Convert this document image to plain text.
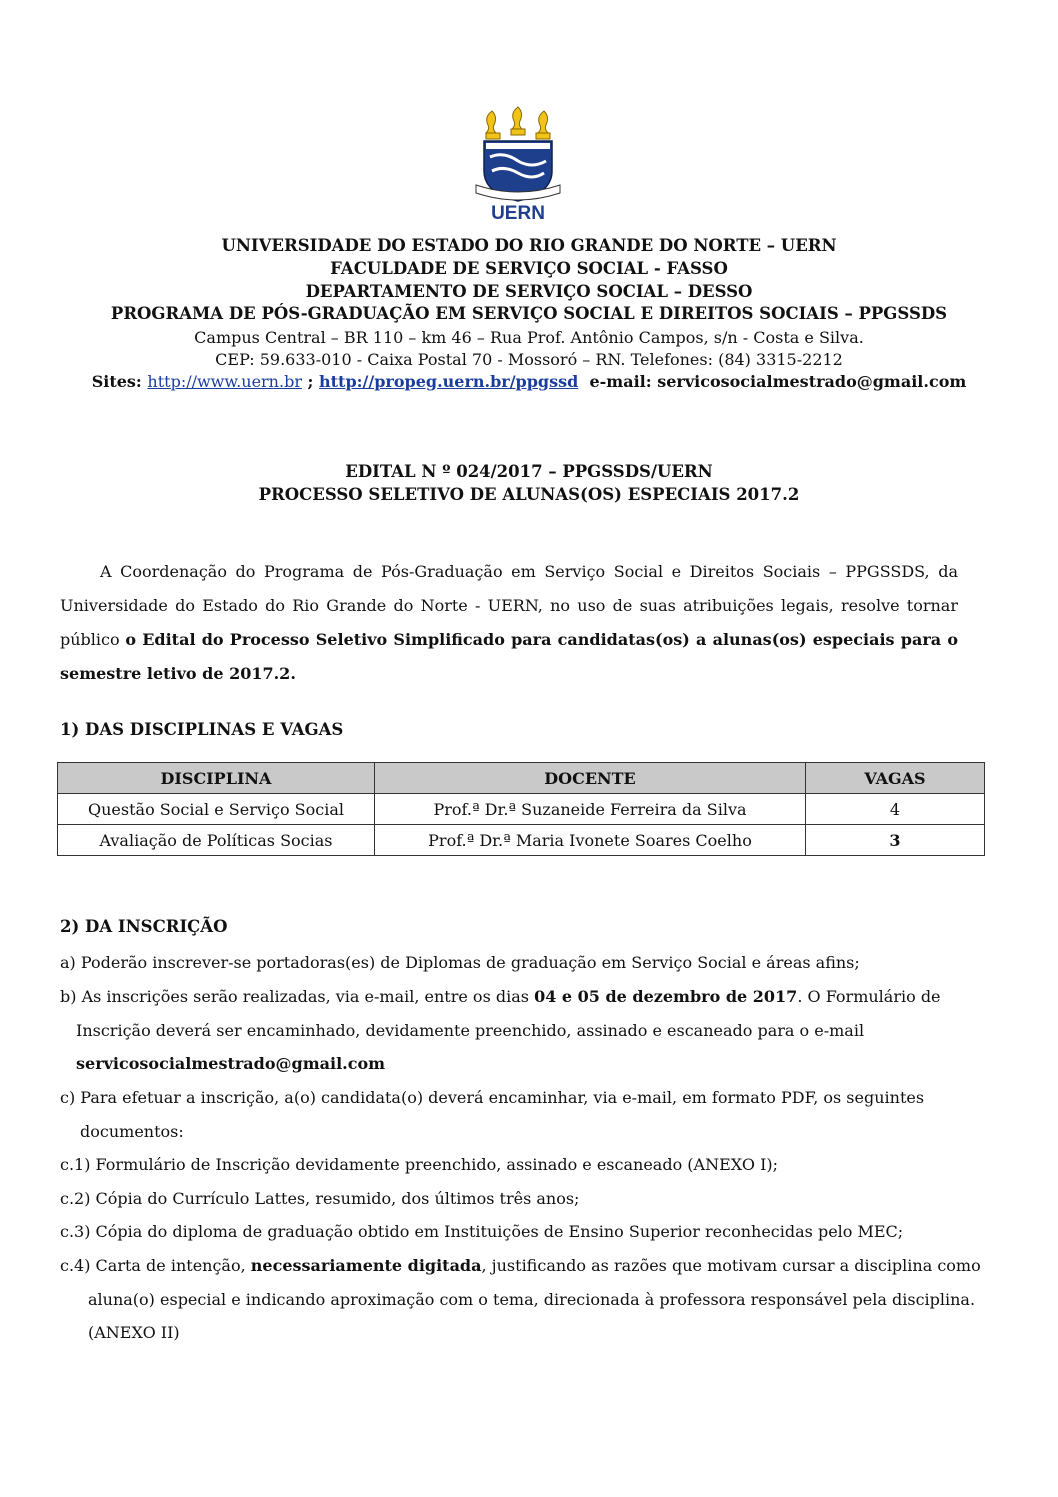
UERN
UNIVERSIDADE DO ESTADO DO RIO GRANDE DO NORTE – UERN
FACULDADE DE SERVIÇO SOCIAL - FASSO
DEPARTAMENTO DE SERVIÇO SOCIAL – DESSO
PROGRAMA DE PÓS-GRADUAÇÃO EM SERVIÇO SOCIAL E DIREITOS SOCIAIS – PPGSSDS
Campus Central – BR 110 – km 46 – Rua Prof. Antônio Campos, s/n - Costa e Silva.
CEP: 59.633-010 - Caixa Postal 70 - Mossoró – RN. Telefones: (84) 3315-2212
Sites: http://www.uern.br ; http://propeg.uern.br/ppgssd e-mail: servicosocialmestrado@gmail.com
EDITAL N º 024/2017 – PPGSSDS/UERN
PROCESSO SELETIVO DE ALUNAS(OS) ESPECIAIS 2017.2
A Coordenação do Programa de Pós-Graduação em Serviço Social e Direitos Sociais – PPGSSDS, da Universidade do Estado do Rio Grande do Norte - UERN, no uso de suas atribuições legais, resolve tornar público o Edital do Processo Seletivo Simplificado para candidatas(os) a alunas(os) especiais para o semestre letivo de 2017.2.
1) DAS DISCIPLINAS E VAGAS
DISCIPLINA	DOCENTE	VAGAS
Questão Social e Serviço Social	Prof.ª Dr.ª Suzaneide Ferreira da Silva	4
Avaliação de Políticas Socias	Prof.ª Dr.ª Maria Ivonete Soares Coelho	3
2) DA INSCRIÇÃO
a) Poderão inscrever-se portadoras(es) de Diplomas de graduação em Serviço Social e áreas afins;
b) As inscrições serão realizadas, via e-mail, entre os dias 04 e 05 de dezembro de 2017. O Formulário de
Inscrição deverá ser encaminhado, devidamente preenchido, assinado e escaneado para o e-mail
servicosocialmestrado@gmail.com
c) Para efetuar a inscrição, a(o) candidata(o) deverá encaminhar, via e-mail, em formato PDF, os seguintes
documentos:
c.1) Formulário de Inscrição devidamente preenchido, assinado e escaneado (ANEXO I);
c.2) Cópia do Currículo Lattes, resumido, dos últimos três anos;
c.3) Cópia do diploma de graduação obtido em Instituições de Ensino Superior reconhecidas pelo MEC;
c.4) Carta de intenção, necessariamente digitada, justificando as razões que motivam cursar a disciplina como
aluna(o) especial e indicando aproximação com o tema, direcionada à professora responsável pela disciplina.
(ANEXO II)
